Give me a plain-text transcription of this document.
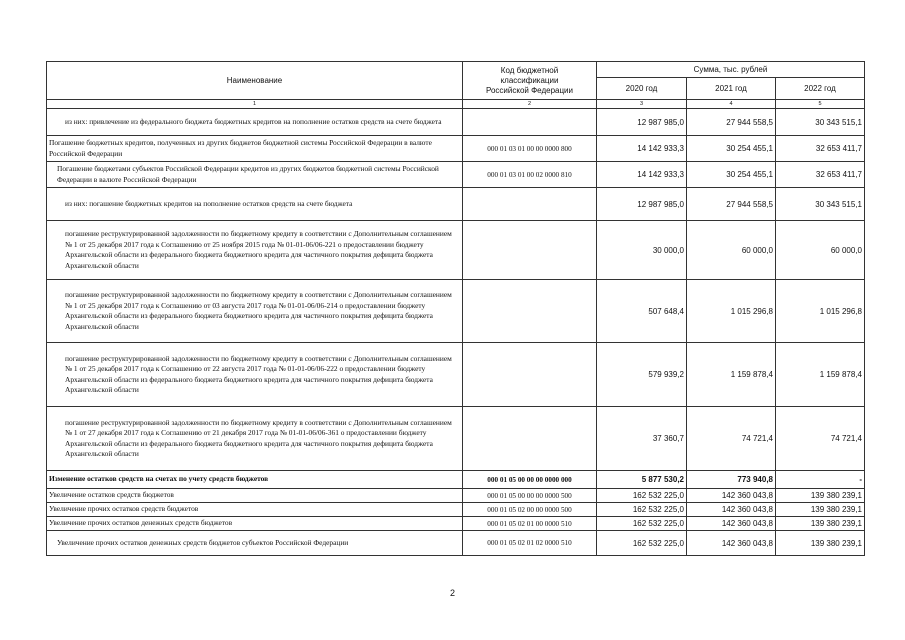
Наименование	Код бюджетной классификации Российской Федерации	Сумма, тыс. рублей		
		2020 год	2021 год	2022 год
1	2	3	4	5
из них: привлечение из федерального бюджета бюджетных кредитов на пополнение остатков средств на счете бюджета		12 987 985,0	27 944 558,5	30 343 515,1
Погашение бюджетных кредитов, полученных из других бюджетов бюджетной системы Российской Федерации в валюте Российской Федерации	000 01 03 01 00 00 0000 800	14 142 933,3	30 254 455,1	32 653 411,7
Погашение бюджетами субъектов Российской Федерации кредитов из других бюджетов бюджетной системы Российской Федерации в валюте Российской Федерации	000 01 03 01 00 02 0000 810	14 142 933,3	30 254 455,1	32 653 411,7
из них: погашение бюджетных кредитов на пополнение остатков средств на счете бюджета		12 987 985,0	27 944 558,5	30 343 515,1
погашение реструктурированной задолженности по бюджетному кредиту в соответствии с Дополнительным соглашением № 1 от 25 декабря 2017 года к Соглашению от 25 ноября 2015 года № 01-01-06/06-221 о предоставлении бюджету Архангельской области из федерального бюджета бюджетного кредита для частичного покрытия дефицита бюджета Архангельской области		30 000,0	60 000,0	60 000,0
погашение реструктурированной задолженности по бюджетному кредиту в соответствии с Дополнительным соглашением № 1 от 25 декабря 2017 года к Соглашению от 03 августа 2017 года № 01-01-06/06-214 о предоставлении бюджету Архангельской области из федерального бюджета бюджетного кредита для частичного покрытия дефицита бюджета Архангельской области		507 648,4	1 015 296,8	1 015 296,8
погашение реструктурированной задолженности по бюджетному кредиту в соответствии с Дополнительным соглашением № 1 от 25 декабря 2017 года к Соглашению от 22 августа 2017 года № 01-01-06/06-222 о предоставлении бюджету Архангельской области из федерального бюджета бюджетного кредита для частичного покрытия дефицита бюджета Архангельской области		579 939,2	1 159 878,4	1 159 878,4
погашение реструктурированной задолженности по бюджетному кредиту в соответствии с Дополнительным соглашением № 1 от 27 декабря 2017 года к Соглашению от 21 декабря 2017 года № 01-01-06/06-361 о предоставлении бюджету Архангельской области из федерального бюджета бюджетного кредита для частичного покрытия дефицита бюджета Архангельской области		37 360,7	74 721,4	74 721,4
Изменение остатков средств на счетах по учету средств бюджетов	000 01 05 00 00 00 0000 000	5 877 530,2	773 940,8	-
Увеличение остатков средств бюджетов	000 01 05 00 00 00 0000 500	162 532 225,0	142 360 043,8	139 380 239,1
Увеличение прочих остатков средств бюджетов	000 01 05 02 00 00 0000 500	162 532 225,0	142 360 043,8	139 380 239,1
Увеличение прочих остатков денежных средств бюджетов	000 01 05 02 01 00 0000 510	162 532 225,0	142 360 043,8	139 380 239,1
Увеличение прочих остатков денежных средств бюджетов субъектов Российской Федерации	000 01 05 02 01 02 0000 510	162 532 225,0	142 360 043,8	139 380 239,1
2
